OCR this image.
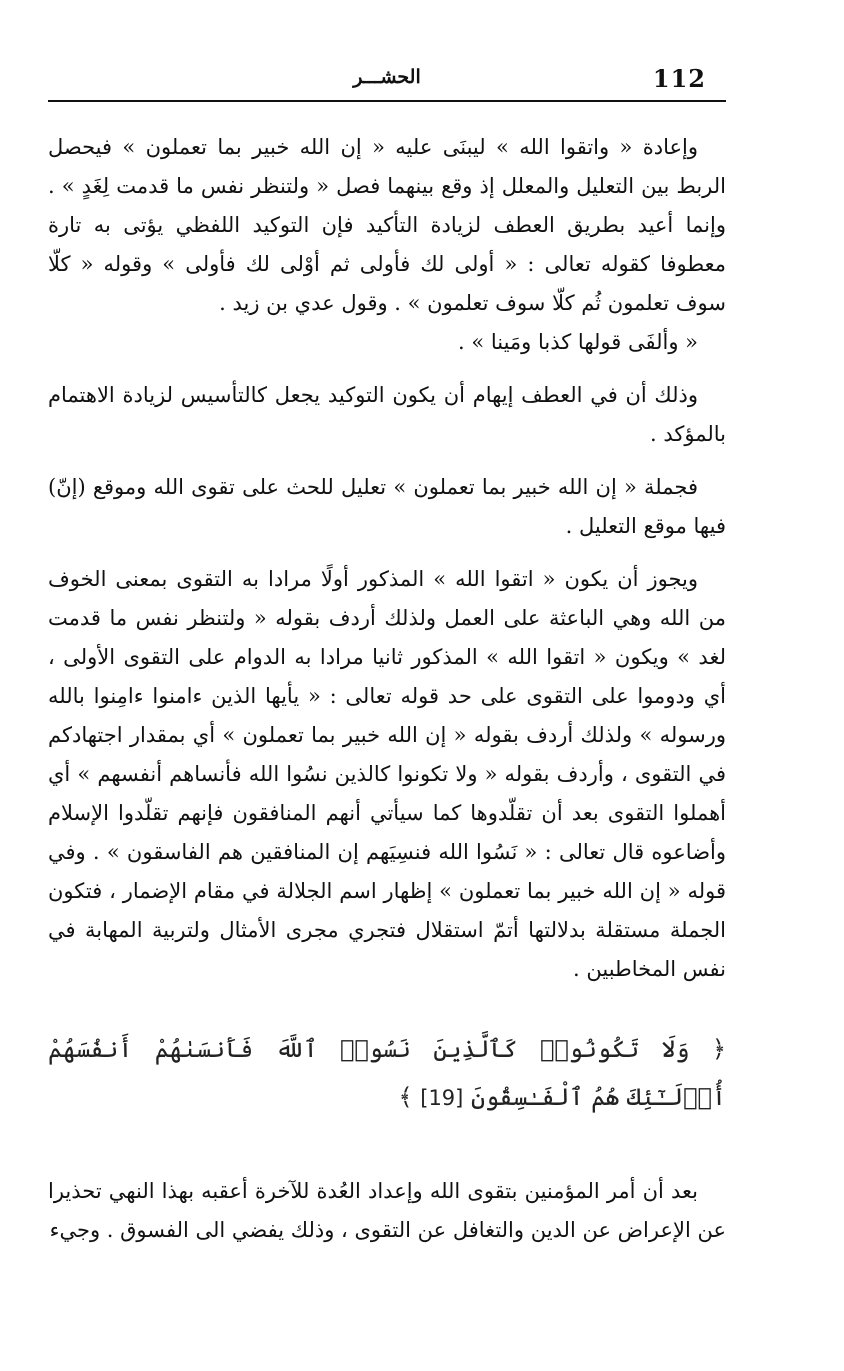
112
الحشـــر

وإعادة « واتقوا الله » ليبنَى عليه « إن الله خبير بما تعملون » فيحصل الربط بين التعليل والمعلل إذ وقع بينهما فصل « ولتنظر نفس ما قدمت لِغَدٍ » . وإنما أعيد بطريق العطف لزيادة التأكيد فإن التوكيد اللفظي يؤتى به تارة معطوفا كقوله تعالى : « أولى لك فأولى ثم أوْلى لك فأولى » وقوله « كلّا سوف تعلمون ثُم كلّا سوف تعلمون » . وقول عدي بن زيد .

« وألفَى قولها كذبا ومَينا » .

وذلك أن في العطف إيهام أن يكون التوكيد يجعل كالتأسيس لزيادة الاهتمام بالمؤكد .

فجملة « إن الله خبير بما تعملون » تعليل للحث على تقوى الله وموقع (إنّ) فيها موقع التعليل .

ويجوز أن يكون « اتقوا الله » المذكور أولًا مرادا به التقوى بمعنى الخوف من الله وهي الباعثة على العمل ولذلك أردف بقوله « ولتنظر نفس ما قدمت لغد » ويكون « اتقوا الله » المذكور ثانيا مرادا به الدوام على التقوى الأولى ، أي ودوموا على التقوى على حد قوله تعالى : « يأيها الذين ءامنوا ءامِنوا بالله ورسوله » ولذلك أردف بقوله « إن الله خبير بما تعملون » أي بمقدار اجتهادكم في التقوى ، وأردف بقوله « ولا تكونوا كالذين نسُوا الله فأنساهم أنفسهم » أي أهملوا التقوى بعد أن تقلّدوها كما سيأتي أنهم المنافقون فإنهم تقلّدوا الإسلام وأضاعوه قال تعالى : « نَسُوا الله فنسِيَهم إن المنافقين هم الفاسقون » . وفي قوله « إن الله خبير بما تعملون » إظهار اسم الجلالة في مقام الإضمار ، فتكون الجملة مستقلة بدلالتها أتمّ استقلال فتجري مجرى الأمثال ولتربية المهابة في نفس المخاطبين .

﴿ وَلَا تَكُونُوا۟ كَٱلَّذِينَ نَسُوا۟ ٱللَّهَ فَأَنسَىٰهُمْ أَنفُسَهُمْ أُو۟لَـٰٓئِكَ هُمُ ٱلْفَـٰسِقُونَ [19] ﴾

بعد أن أمر المؤمنين بتقوى الله وإعداد العُدة للآخرة أعقبه بهذا النهي تحذيرا عن الإعراض عن الدين والتغافل عن التقوى ، وذلك يفضي الى الفسوق . وجيء
